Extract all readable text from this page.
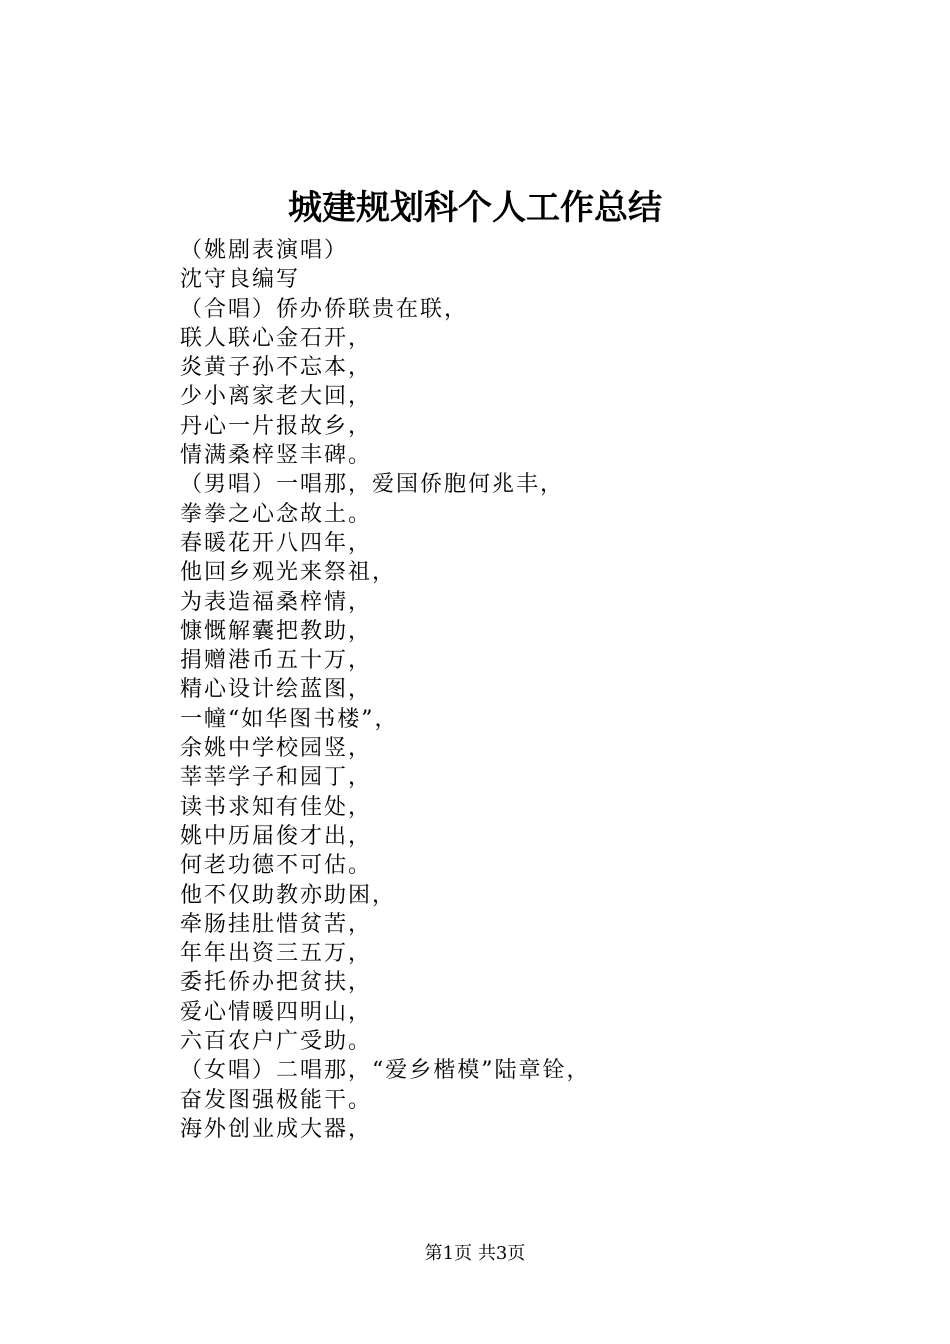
城建规划科个人工作总结
（姚剧表演唱）
沈守良编写
（合唱）侨办侨联贵在联，
联人联心金石开，
炎黄子孙不忘本，
少小离家老大回，
丹心一片报故乡，
情满桑梓竖丰碑。
（男唱）一唱那，爱国侨胞何兆丰，
拳拳之心念故土。
春暖花开八四年，
他回乡观光来祭祖，
为表造福桑梓情，
慷慨解囊把教助，
捐赠港币五十万，
精心设计绘蓝图，
一幢“如华图书楼”，
余姚中学校园竖，
莘莘学子和园丁，
读书求知有佳处，
姚中历届俊才出，
何老功德不可估。
他不仅助教亦助困，
牵肠挂肚惜贫苦，
年年出资三五万，
委托侨办把贫扶，
爱心情暖四明山，
六百农户广受助。
（女唱）二唱那，“爱乡楷模”陆章铨，
奋发图强极能干。
海外创业成大器，
第1页 共3页
